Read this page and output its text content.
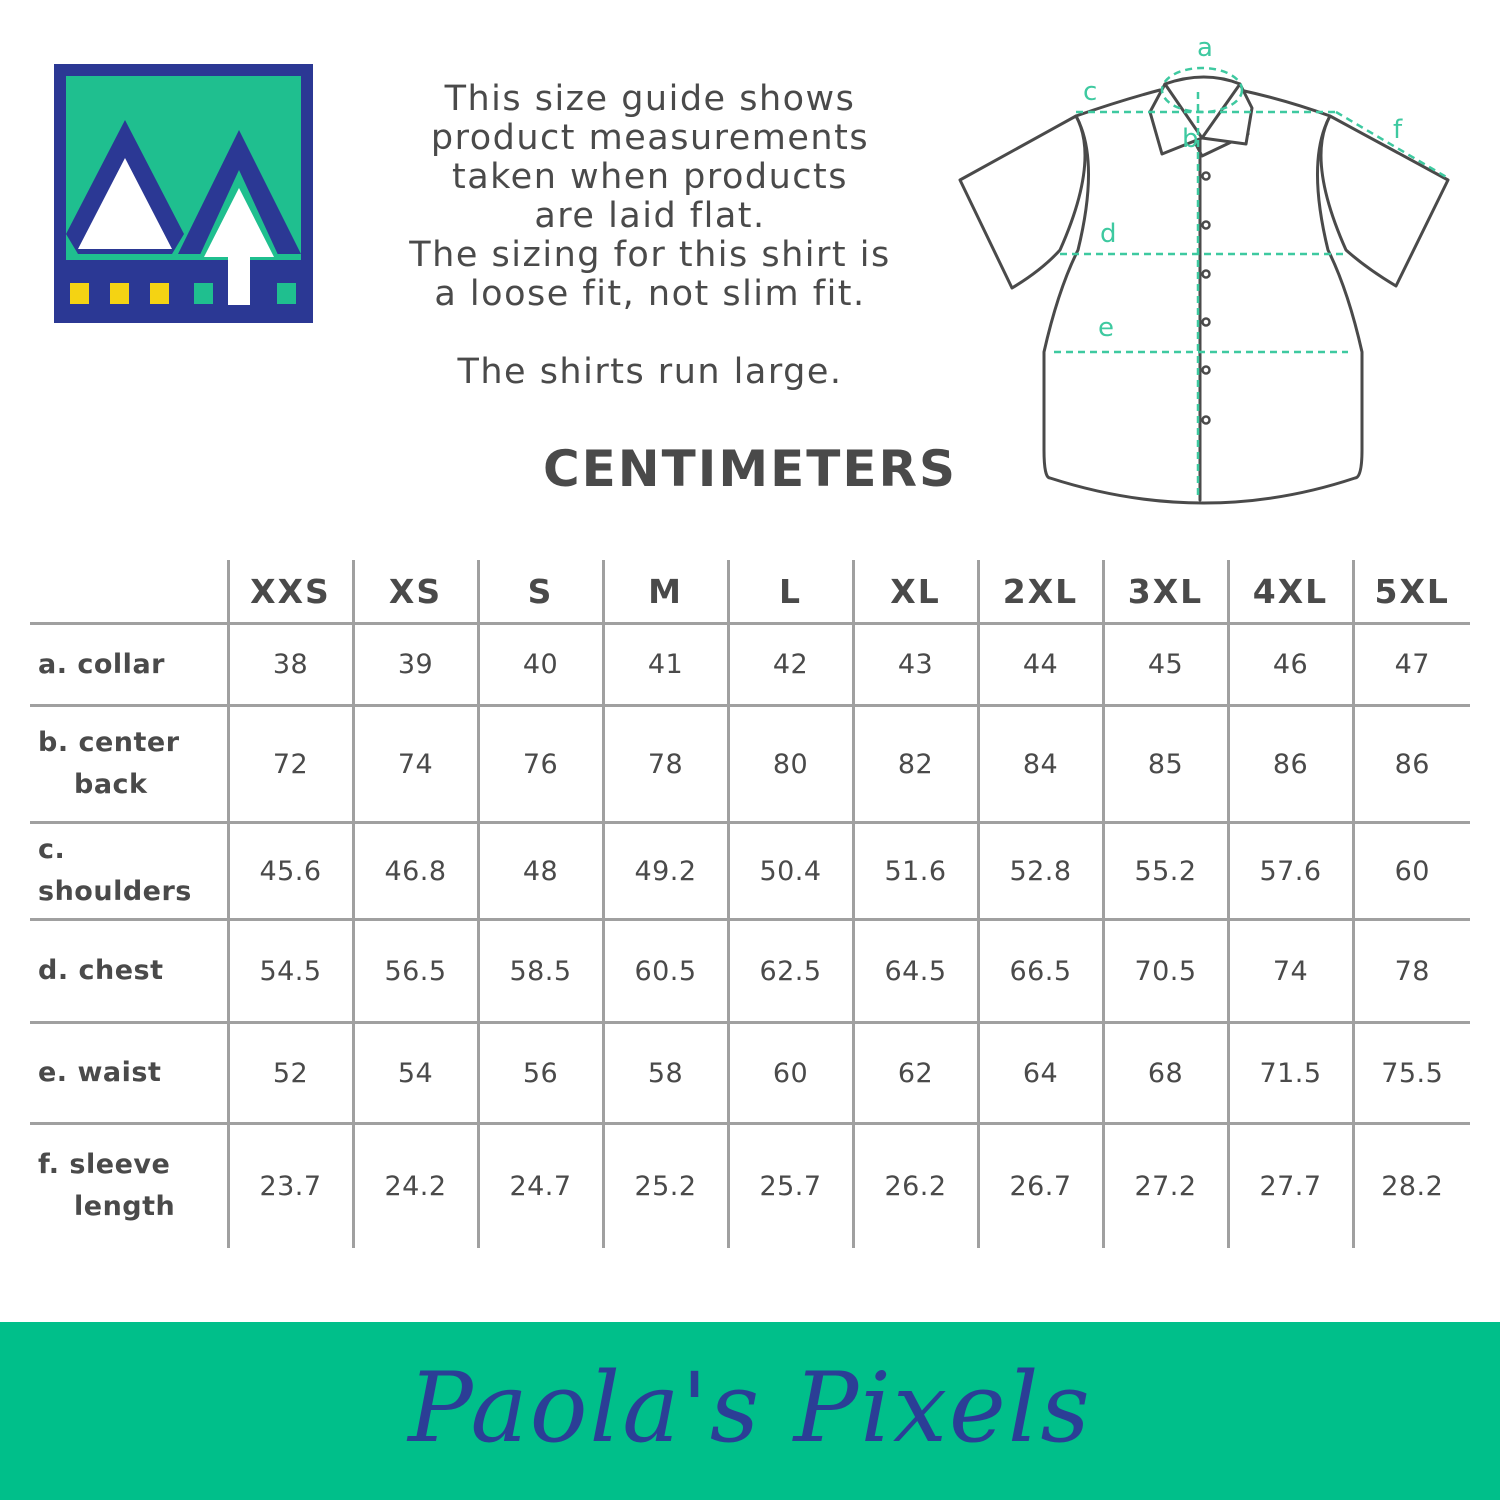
This size guide shows
product measurements
taken when products
are laid flat.
The sizing for this shirt is
a loose fit, not slim fit.
The shirts run large.
CENTIMETERS
a
b
c
d
e
f
	XXS	XS	S	M	L	XL	2XL	3XL	4XL	5XL
a. collar	38	39	40	41	42	43	44	45	46	47
b. center
back	72	74	76	78	80	82	84	85	86	86
c. shoulders	45.6	46.8	48	49.2	50.4	51.6	52.8	55.2	57.6	60
d. chest	54.5	56.5	58.5	60.5	62.5	64.5	66.5	70.5	74	78
e. waist	52	54	56	58	60	62	64	68	71.5	75.5
f. sleeve
length	23.7	24.2	24.7	25.2	25.7	26.2	26.7	27.2	27.7	28.2
Paola's Pixels
